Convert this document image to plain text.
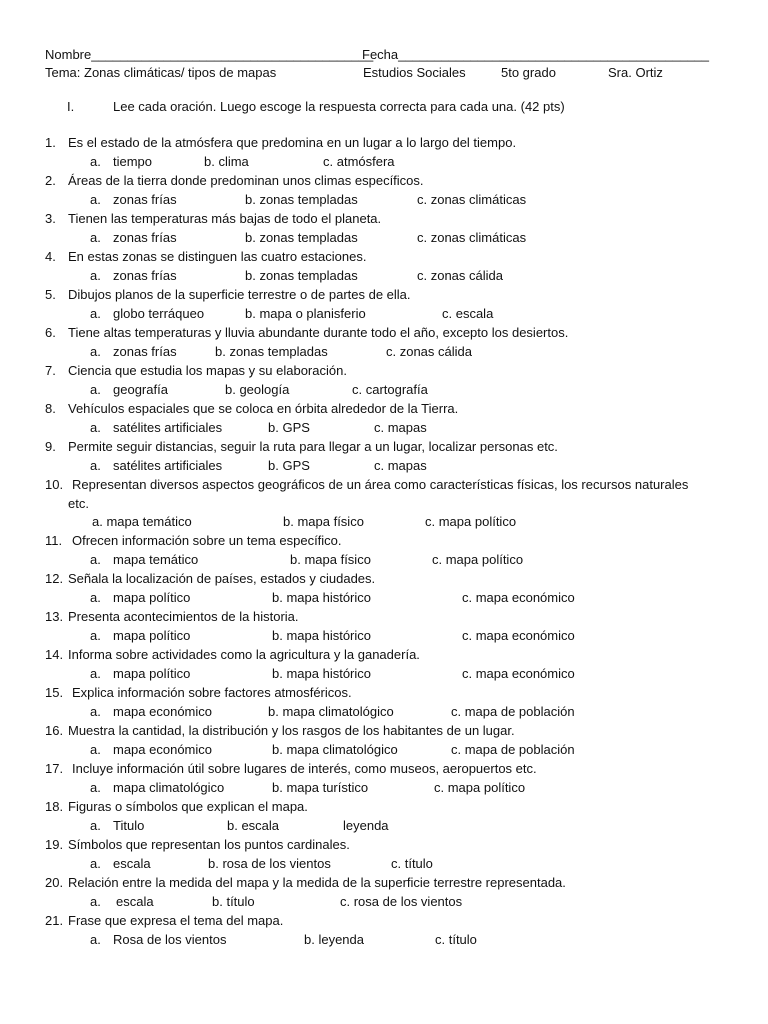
Nombre_______________________________________
Fecha___________________________________________
Tema: Zonas climáticas/ tipos de mapas	Estudios Sociales	5to grado	Sra. Ortiz
I.	Lee cada oración. Luego escoge la respuesta correcta para cada una. (42 pts)
1. Es el estado de la atmósfera que predomina en un lugar a lo largo del tiempo.
a. tiempo	b. clima	c. atmósfera
2. Áreas de la tierra donde predominan unos climas específicos.
a. zonas frías	b. zonas templadas	c. zonas climáticas
3. Tienen las temperaturas más bajas de todo el planeta.
a. zonas frías	b. zonas templadas	c. zonas climáticas
4. En estas zonas se distinguen las cuatro estaciones.
a. zonas frías	b. zonas templadas	c. zonas cálida
5. Dibujos planos de la superficie terrestre o de partes de ella.
a. globo terráqueo	b. mapa o planisferio	c. escala
6. Tiene altas temperaturas y lluvia abundante durante todo el año, excepto los desiertos.
a. zonas frías	b. zonas templadas	c. zonas cálida
7. Ciencia que estudia los mapas y su elaboración.
a. geografía	b. geología	c. cartografía
8. Vehículos espaciales que se coloca en órbita alrededor de la Tierra.
a. satélites artificiales	b. GPS	c. mapas
9. Permite seguir distancias, seguir la ruta para llegar a un lugar, localizar personas etc.
a. satélites artificiales	b. GPS	c. mapas
10. Representan diversos aspectos geográficos de un área como características físicas, los recursos naturales
etc.
a. mapa temático	b. mapa físico	c. mapa político
11. Ofrecen información sobre un tema específico.
a. mapa temático	b. mapa físico	c. mapa político
12. Señala la localización de países, estados y ciudades.
a. mapa político	b. mapa histórico	c. mapa económico
13. Presenta acontecimientos de la historia.
a. mapa político	b. mapa histórico	c. mapa económico
14. Informa sobre actividades como la agricultura y la ganadería.
a. mapa político	b. mapa histórico	c. mapa económico
15. Explica información sobre factores atmosféricos.
a. mapa económico	b. mapa climatológico	c. mapa de población
16. Muestra la cantidad, la distribución y los rasgos de los habitantes de un lugar.
a. mapa económico	b. mapa climatológico	c. mapa de población
17. Incluye información útil sobre lugares de interés, como museos, aeropuertos etc.
a. mapa climatológico	b. mapa turístico	c. mapa político
18. Figuras o símbolos que explican el mapa.
a. Titulo	b. escala	leyenda
19. Símbolos que representan los puntos cardinales.
a. escala	b. rosa de los vientos	c. título
20. Relación entre la medida del mapa y la medida de la superficie terrestre representada.
a. escala	b. título	c. rosa de los vientos
21. Frase que expresa el tema del mapa.
a. Rosa de los vientos	b. leyenda	c. título
